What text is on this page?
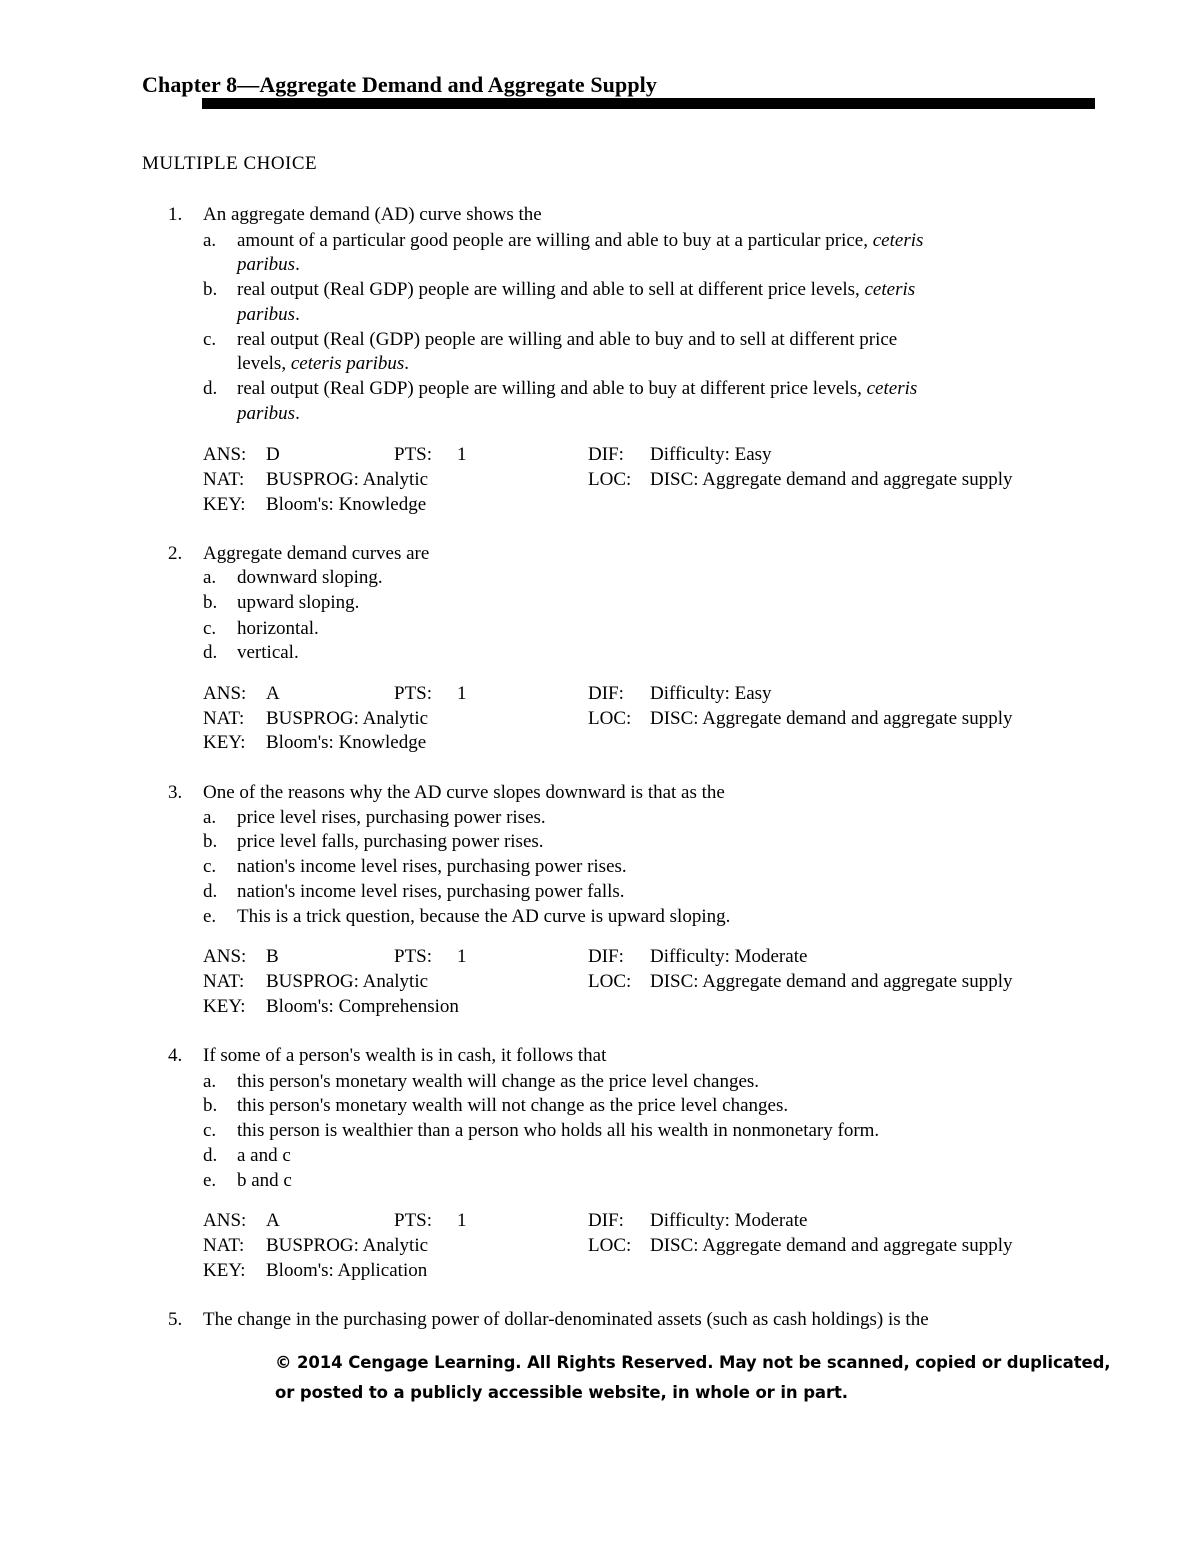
Chapter 8—Aggregate Demand and Aggregate Supply
MULTIPLE CHOICE
1. An aggregate demand (AD) curve shows the
a. amount of a particular good people are willing and able to buy at a particular price, ceteris
paribus.
b. real output (Real GDP) people are willing and able to sell at different price levels, ceteris
paribus.
c. real output (Real (GDP) people are willing and able to buy and to sell at different price
levels, ceteris paribus.
d. real output (Real GDP) people are willing and able to buy at different price levels, ceteris
paribus.
ANS: D	PTS: 1	DIF: Difficulty: Easy
NAT: BUSPROG: Analytic	LOC: DISC: Aggregate demand and aggregate supply
KEY: Bloom's: Knowledge
2. Aggregate demand curves are
a. downward sloping.
b. upward sloping.
c. horizontal.
d. vertical.
ANS: A	PTS: 1	DIF: Difficulty: Easy
NAT: BUSPROG: Analytic	LOC: DISC: Aggregate demand and aggregate supply
KEY: Bloom's: Knowledge
3. One of the reasons why the AD curve slopes downward is that as the
a. price level rises, purchasing power rises.
b. price level falls, purchasing power rises.
c. nation's income level rises, purchasing power rises.
d. nation's income level rises, purchasing power falls.
e. This is a trick question, because the AD curve is upward sloping.
ANS: B	PTS: 1	DIF: Difficulty: Moderate
NAT: BUSPROG: Analytic	LOC: DISC: Aggregate demand and aggregate supply
KEY: Bloom's: Comprehension
4. If some of a person's wealth is in cash, it follows that
a. this person's monetary wealth will change as the price level changes.
b. this person's monetary wealth will not change as the price level changes.
c. this person is wealthier than a person who holds all his wealth in nonmonetary form.
d. a and c
e. b and c
ANS: A	PTS: 1	DIF: Difficulty: Moderate
NAT: BUSPROG: Analytic	LOC: DISC: Aggregate demand and aggregate supply
KEY: Bloom's: Application
5. The change in the purchasing power of dollar-denominated assets (such as cash holdings) is the
© 2014 Cengage Learning. All Rights Reserved. May not be scanned, copied or duplicated,
or posted to a publicly accessible website, in whole or in part.
